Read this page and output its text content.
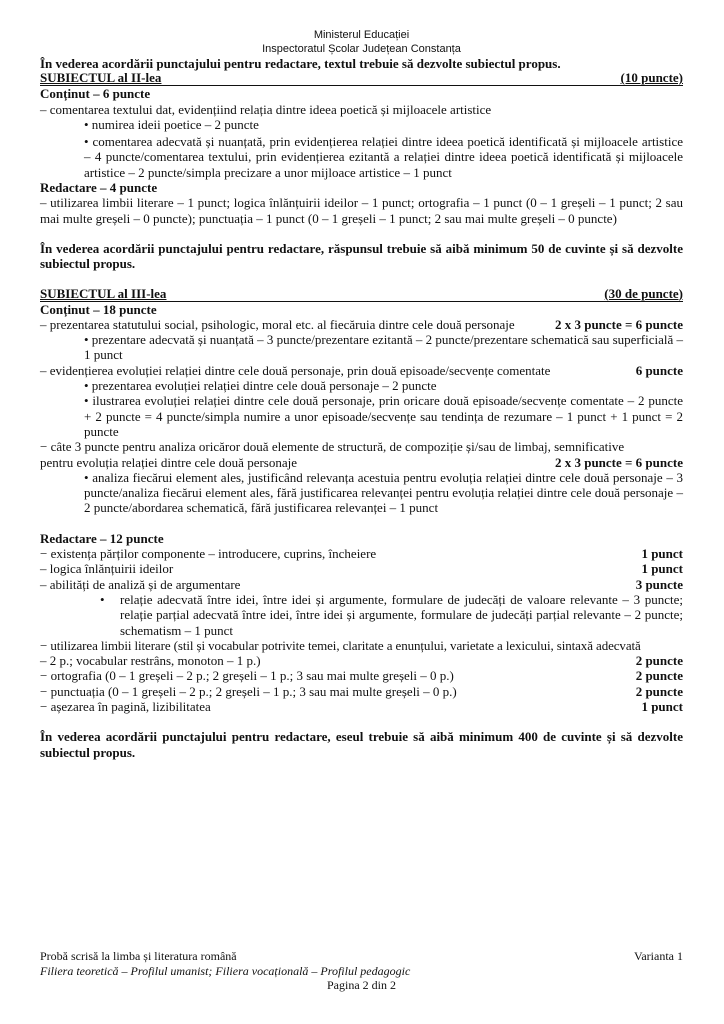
Ministerul Educației
Inspectoratul Școlar Județean Constanța
În vederea acordării punctajului pentru redactare, textul trebuie să dezvolte subiectul propus.
SUBIECTUL al II-lea	(10 puncte)
Conținut – 6 puncte
– comentarea textului dat, evidențiind relația dintre ideea poetică și mijloacele artistice
• numirea ideii poetice – 2 puncte
• comentarea adecvată și nuanțată, prin evidențierea relației dintre ideea poetică identificată și mijloacele artistice – 4 puncte/comentarea textului, prin evidențierea ezitantă a relației dintre ideea poetică identificată și mijloacele artistice – 2 puncte/simpla precizare a unor mijloace artistice – 1 punct
Redactare – 4 puncte
– utilizarea limbii literare – 1 punct; logica înlănțuirii ideilor – 1 punct; ortografia – 1 punct (0 – 1 greșeli – 1 punct; 2 sau mai multe greșeli – 0 puncte); punctuația – 1 punct (0 – 1 greșeli – 1 punct; 2 sau mai multe greșeli – 0 puncte)
În vederea acordării punctajului pentru redactare, răspunsul trebuie să aibă minimum 50 de cuvinte și să dezvolte subiectul propus.
SUBIECTUL al III-lea	(30 de puncte)
Conținut – 18 puncte
– prezentarea statutului social, psihologic, moral etc. al fiecăruia dintre cele două personaje	2 x 3 puncte = 6 puncte
• prezentare adecvată și nuanțată – 3 puncte/prezentare ezitantă – 2 puncte/prezentare schematică sau superficială – 1 punct
– evidențierea evoluției relației dintre cele două personaje, prin două episoade/secvențe comentate	6 puncte
• prezentarea evoluției relației dintre cele două personaje – 2 puncte
• ilustrarea evoluției relației dintre cele două personaje, prin oricare două episoade/secvențe comentate – 2 puncte + 2 puncte = 4 puncte/simpla numire a unor episoade/secvențe sau tendința de rezumare – 1 punct + 1 punct = 2 puncte
− câte 3 puncte pentru analiza oricăror două elemente de structură, de compoziție și/sau de limbaj, semnificative
pentru evoluția relației dintre cele două personaje	2 x 3 puncte = 6 puncte
• analiza fiecărui element ales, justificând relevanța acestuia pentru evoluția relației dintre cele două personaje – 3 puncte/analiza fiecărui element ales, fără justificarea relevanței pentru evoluția relației dintre cele două personaje – 2 puncte/abordarea schematică, fără justificarea relevanței – 1 punct
Redactare – 12 puncte
− existența părților componente – introducere, cuprins, încheiere	1 punct
– logica înlănțuirii ideilor	1 punct
– abilități de analiză și de argumentare	3 puncte
• relație adecvată între idei, între idei și argumente, formulare de judecăți de valoare relevante – 3 puncte; relație parțial adecvată între idei, între idei și argumente, formulare de judecăți parțial relevante – 2 puncte; schematism – 1 punct
− utilizarea limbii literare (stil și vocabular potrivite temei, claritate a enunțului, varietate a lexicului, sintaxă adecvată
– 2 p.; vocabular restrâns, monoton – 1 p.)	2 puncte
− ortografia (0 – 1 greșeli – 2 p.; 2 greșeli – 1 p.; 3 sau mai multe greșeli – 0 p.)	2 puncte
− punctuația (0 – 1 greșeli – 2 p.; 2 greșeli – 1 p.; 3 sau mai multe greșeli – 0 p.)	2 puncte
− așezarea în pagină, lizibilitatea	1 punct
În vederea acordării punctajului pentru redactare, eseul trebuie să aibă minimum 400 de cuvinte și să dezvolte subiectul propus.
Probă scrisă la limba și literatura română	Varianta 1
Filiera teoretică – Profilul umanist; Filiera vocațională – Profilul pedagogic
Pagina 2 din 2
